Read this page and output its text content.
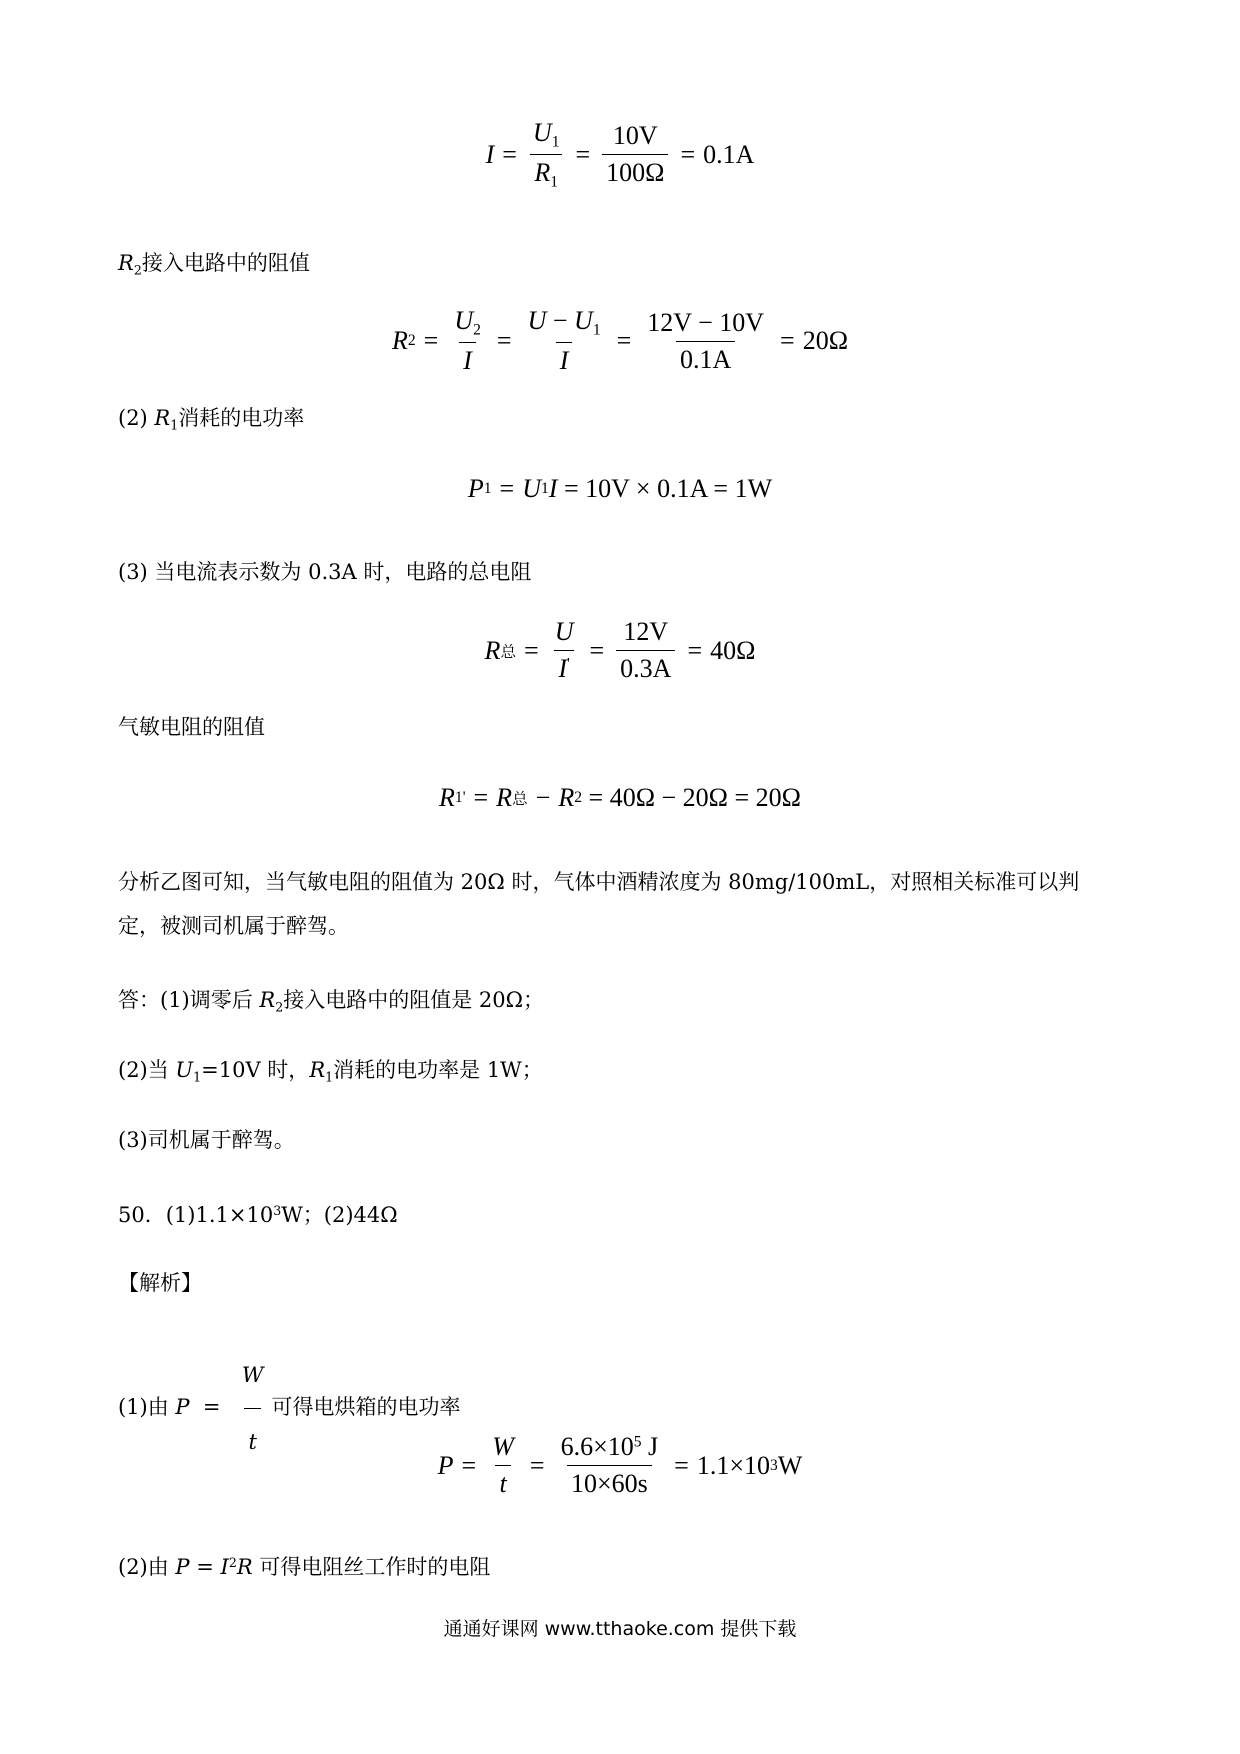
$I = \frac{U_1}{R_1} = \frac{10V}{100\Omega} = 0.1A$
$R_2$接入电路中的阻值
R $2 = \frac{U_2}{I} = \frac{U - U_1}{I} = \frac{12V - 10V}{0.1A} = 20\Omega$
(2) $R_1$消耗的电功率
P 1 = U 1 I
= 10V × 0.1A = 1W
(3) 当电流表示数为 0.3A 时，电路的总电阻
R 总 = $\frac{U}{I'} = \frac{12V}{0.3A} = 40\Omega$
气敏电阻的阻值
R 1 ' = R 总 − R 2
= 40Ω − 20Ω = 20Ω
分析乙图可知，当气敏电阻的阻值为 20Ω 时，气体中酒精浓度为 80mg/100mL，对照相关标准可以判定，被测司机属于醉驾。
答：(1)调零后 $R_2$接入电路中的阻值是 20Ω；
(2)当 $U_1=10V$ 时，$R_1$消耗的电功率是 1W；
(3)司机属于醉驾。
50．$(1)1.1\times 10^3W$；(2)44Ω
【解析】
(1)由 $P = \frac{W}{t}$ 可得电烘箱的电功率
$P = \frac{W}{t} = \frac{6.6\times 10^5 J}{10\times 60s} = 1.1\times 10$ 3 W
(2)由 $P = I^2R$ 可得电阻丝工作时的电阻
通通好课网 www.tthaoke.com 提供下载
